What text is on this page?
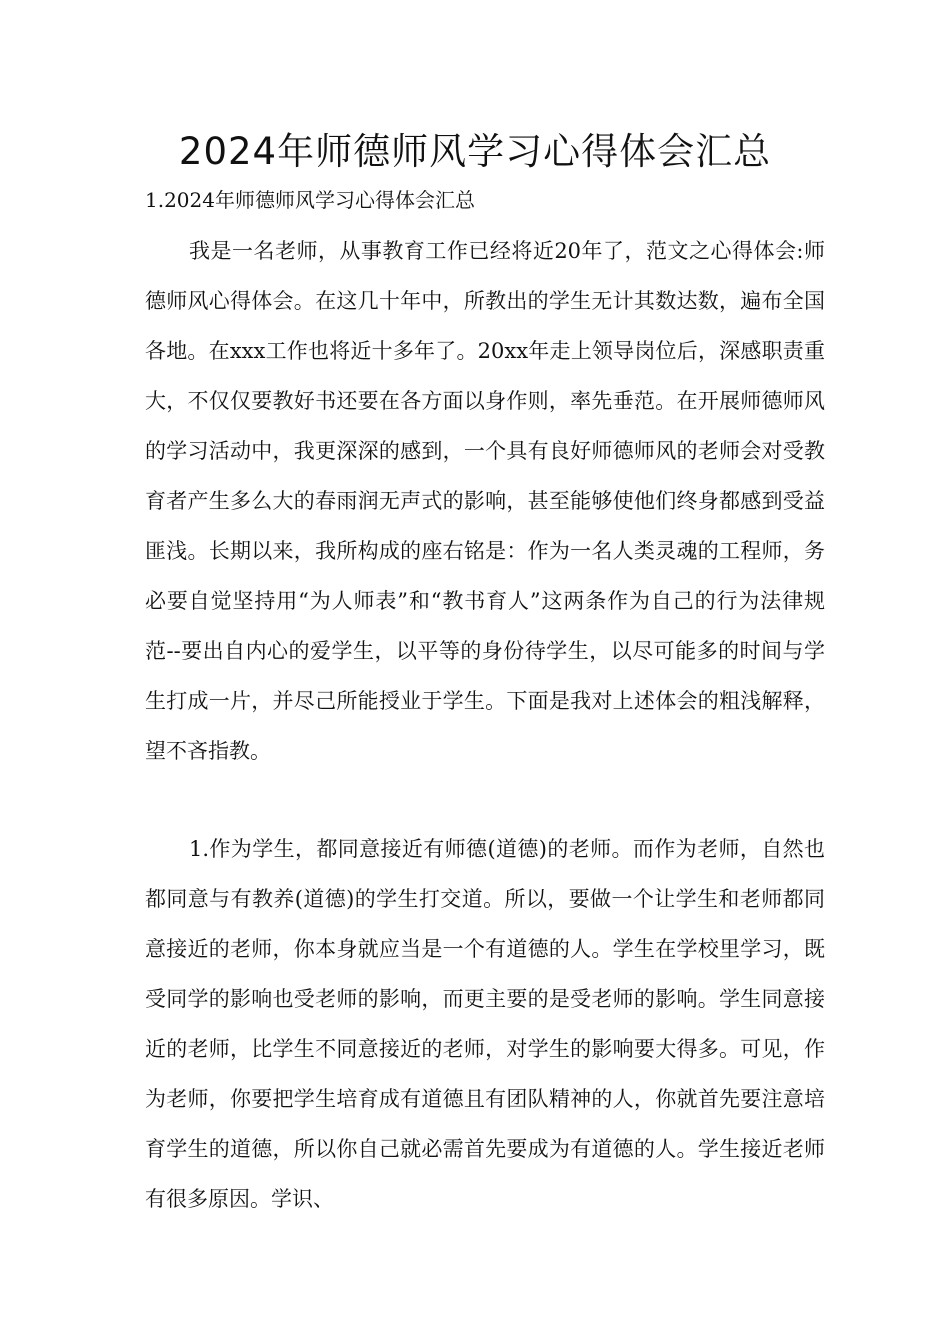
2024年师德师风学习心得体会汇总

1.2024年师德师风学习心得体会汇总

我是一名老师，从事教育工作已经将近20年了，范文之心得体会:师德师风心得体会。在这几十年中，所教出的学生无计其数达数，遍布全国各地。在xxx工作也将近十多年了。20xx年走上领导岗位后，深感职责重大，不仅仅要教好书还要在各方面以身作则，率先垂范。在开展师德师风的学习活动中，我更深深的感到，一个具有良好师德师风的老师会对受教育者产生多么大的春雨润无声式的影响，甚至能够使他们终身都感到受益匪浅。长期以来，我所构成的座右铭是：作为一名人类灵魂的工程师，务必要自觉坚持用“为人师表”和“教书育人”这两条作为自己的行为法律规范--要出自内心的爱学生，以平等的身份待学生，以尽可能多的时间与学生打成一片，并尽己所能授业于学生。下面是我对上述体会的粗浅解释，望不吝指教。

1.作为学生，都同意接近有师德(道德)的老师。而作为老师，自然也都同意与有教养(道德)的学生打交道。所以，要做一个让学生和老师都同意接近的老师，你本身就应当是一个有道德的人。学生在学校里学习，既受同学的影响也受老师的影响，而更主要的是受老师的影响。学生同意接近的老师，比学生不同意接近的老师，对学生的影响要大得多。可见，作为老师，你要把学生培育成有道德且有团队精神的人，你就首先要注意培育学生的道德，所以你自己就必需首先要成为有道德的人。学生接近老师有很多原因。学识、
